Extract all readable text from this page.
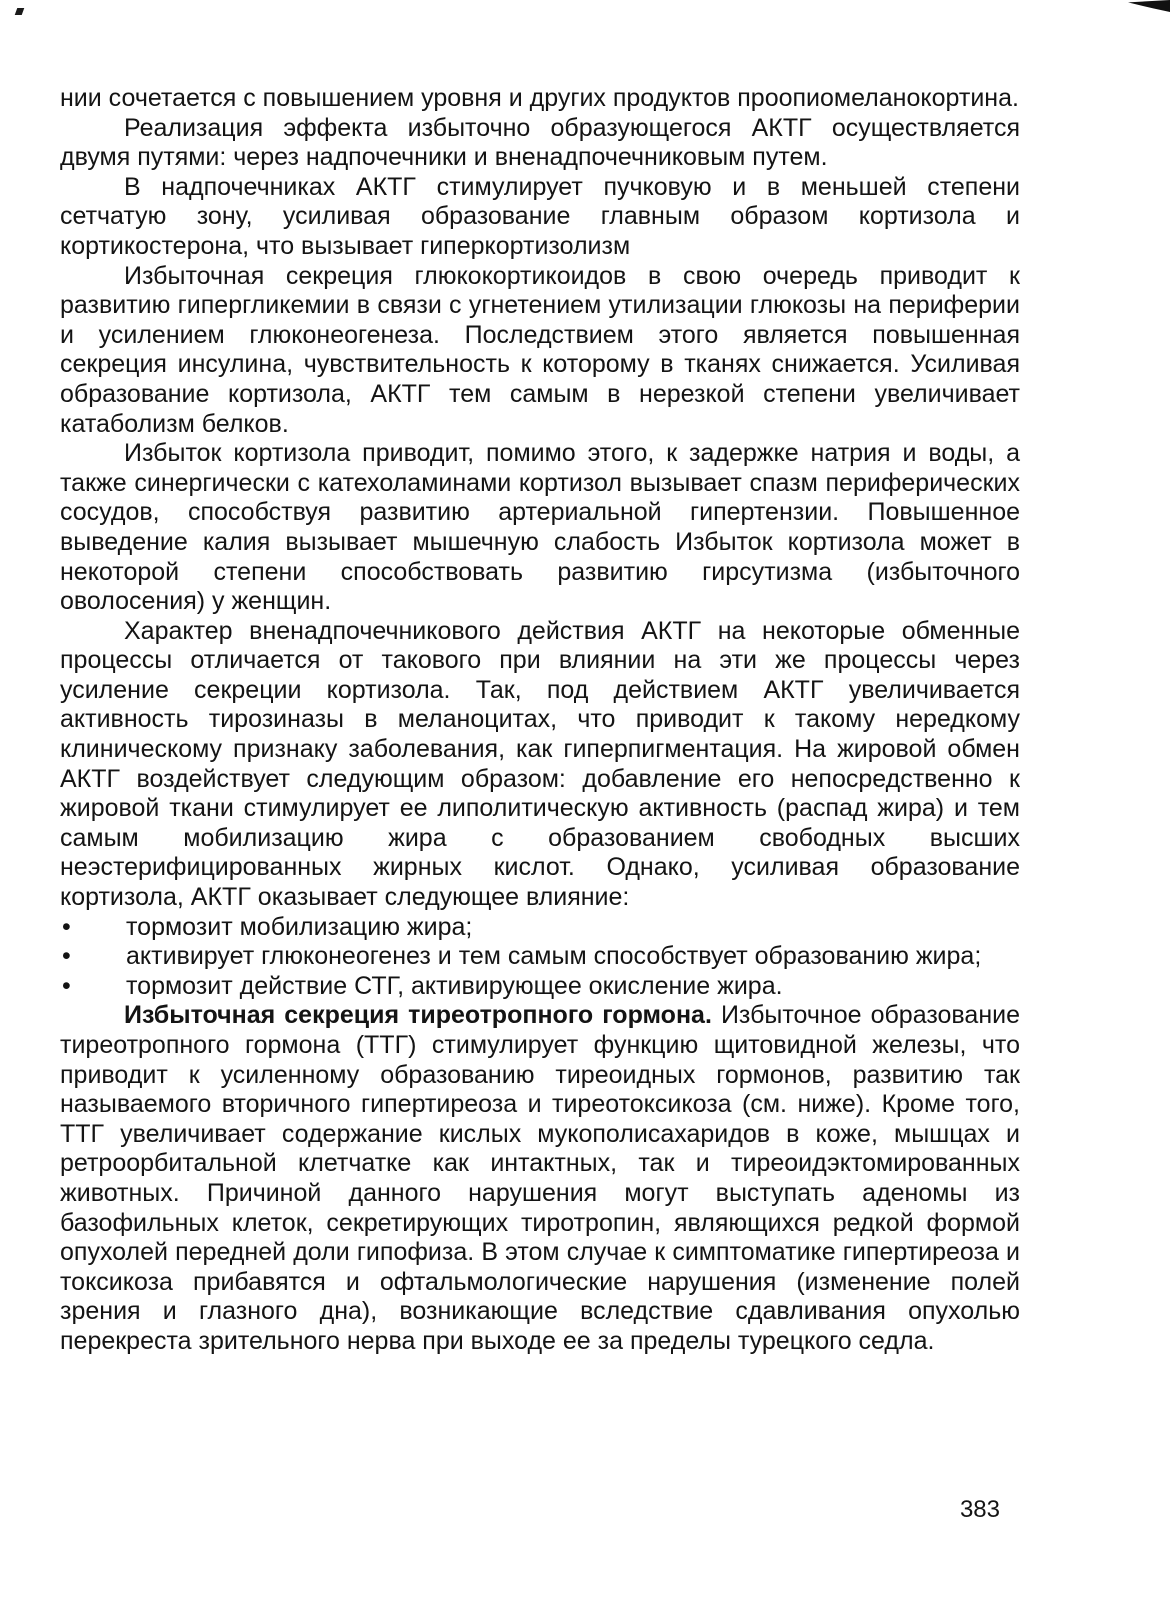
нии сочетается с повышением уровня и других продуктов проопиомеланокортина.

Реализация эффекта избыточно образующегося АКТГ осуществляется двумя путями: через надпочечники и вненадпочечниковым путем.

В надпочечниках АКТГ стимулирует пучковую и в меньшей степени сетчатую зону, усиливая образование главным образом кортизола и кортикостерона, что вызывает гиперкортизолизм

Избыточная секреция глюкокортикоидов в свою очередь приводит к развитию гипергликемии в связи с угнетением утилизации глюкозы на периферии и усилением глюконеогенеза. Последствием этого является повышенная секреция инсулина, чувствительность к которому в тканях снижается. Усиливая образование кортизола, АКТГ тем самым в нерезкой степени увеличивает катаболизм белков.

Избыток кортизола приводит, помимо этого, к задержке натрия и воды, а также синергически с катехоламинами кортизол вызывает спазм периферических сосудов, способствуя развитию артериальной гипертензии. Повышенное выведение калия вызывает мышечную слабость Избыток кортизола может в некоторой степени способствовать развитию гирсутизма (избыточного оволосения) у женщин.

Характер вненадпочечникового действия АКТГ на некоторые обменные процессы отличается от такового при влиянии на эти же процессы через усиление секреции кортизола. Так, под действием АКТГ увеличивается активность тирозиназы в меланоцитах, что приводит к такому нередкому клиническому признаку заболевания, как гиперпигментация. На жировой обмен АКТГ воздействует следующим образом: добавление его непосредственно к жировой ткани стимулирует ее липолитическую активность (распад жира) и тем самым мобилизацию жира с образованием свободных высших неэстерифицированных жирных кислот. Однако, усиливая образование кортизола, АКТГ оказывает следующее влияние:

•	тормозит мобилизацию жира;
•	активирует глюконеогенез и тем самым способствует образованию жира;
•	тормозит действие СТГ, активирующее окисление жира.

Избыточная секреция тиреотропного гормона. Избыточное образование тиреотропного гормона (ТТГ) стимулирует функцию щитовидной железы, что приводит к усиленному образованию тиреоидных гормонов, развитию так называемого вторичного гипертиреоза и тиреотоксикоза (см. ниже). Кроме того, ТТГ увеличивает содержание кислых мукополисахаридов в коже, мышцах и ретроорбитальной клетчатке как интактных, так и тиреоидэктомированных животных. Причиной данного нарушения могут выступать аденомы из базофильных клеток, секретирующих тиротропин, являющихся редкой формой опухолей передней доли гипофиза. В этом случае к симптоматике гипертиреоза и токсикоза прибавятся и офтальмологические нарушения (изменение полей зрения и глазного дна), возникающие вследствие сдавливания опухолью перекреста зрительного нерва при выходе ее за пределы турецкого седла.

383
